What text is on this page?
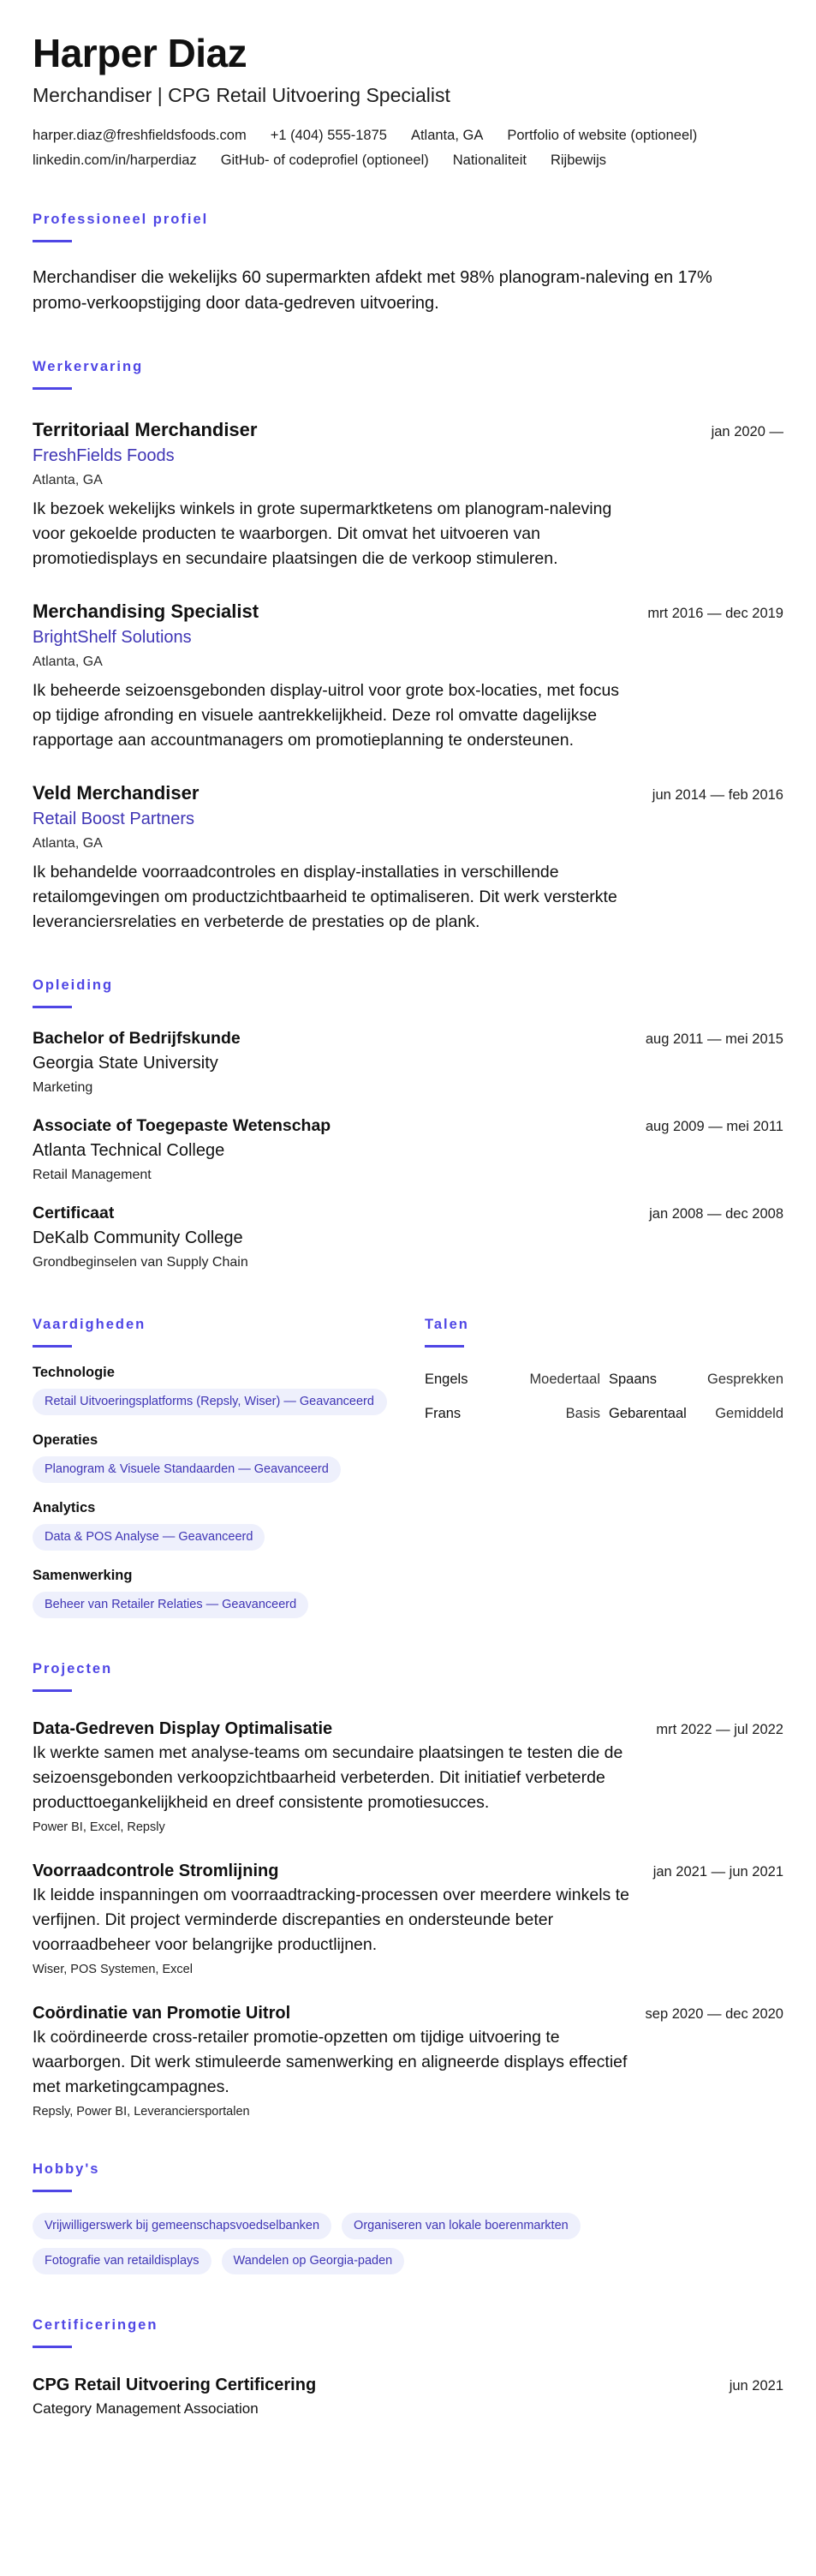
Harper Diaz
Merchandiser | CPG Retail Uitvoering Specialist
harper.diaz@freshfieldsfoods.com +1 (404) 555-1875 Atlanta, GA Portfolio of website (optioneel)
linkedin.com/in/harperdiaz GitHub- of codeprofiel (optioneel) Nationaliteit Rijbewijs
Professioneel profiel
Merchandiser die wekelijks 60 supermarkten afdekt met 98% planogram-naleving en 17% promo-verkoopstijging door data-gedreven uitvoering.
Werkervaring
Territoriaal Merchandiser	jan 2020 —
FreshFields Foods
Atlanta, GA
Ik bezoek wekelijks winkels in grote supermarktketens om planogram-naleving voor gekoelde producten te waarborgen. Dit omvat het uitvoeren van promotiedisplays en secundaire plaatsingen die de verkoop stimuleren.
Merchandising Specialist	mrt 2016 — dec 2019
BrightShelf Solutions
Atlanta, GA
Ik beheerde seizoensgebonden display-uitrol voor grote box-locaties, met focus op tijdige afronding en visuele aantrekkelijkheid. Deze rol omvatte dagelijkse rapportage aan accountmanagers om promotieplanning te ondersteunen.
Veld Merchandiser	jun 2014 — feb 2016
Retail Boost Partners
Atlanta, GA
Ik behandelde voorraadcontroles en display-installaties in verschillende retailomgevingen om productzichtbaarheid te optimaliseren. Dit werk versterkte leveranciersrelaties en verbeterde de prestaties op de plank.
Opleiding
Bachelor of Bedrijfskunde	aug 2011 — mei 2015
Georgia State University
Marketing
Associate of Toegepaste Wetenschap	aug 2009 — mei 2011
Atlanta Technical College
Retail Management
Certificaat	jan 2008 — dec 2008
DeKalb Community College
Grondbeginselen van Supply Chain
Vaardigheden
Technologie
Retail Uitvoeringsplatforms (Repsly, Wiser) — Geavanceerd
Operaties
Planogram & Visuele Standaarden — Geavanceerd
Analytics
Data & POS Analyse — Geavanceerd
Samenwerking
Beheer van Retailer Relaties — Geavanceerd
Talen
Engels	Moedertaal Spaans	Gesprekken
Frans	Basis Gebarentaal Gemiddeld
Projecten
Data-Gedreven Display Optimalisatie	mrt 2022 — jul 2022
Ik werkte samen met analyse-teams om secundaire plaatsingen te testen die de seizoensgebonden verkoopzichtbaarheid verbeterden. Dit initiatief verbeterde producttoegankelijkheid en dreef consistente promotiesucces.
Power BI, Excel, Repsly
Voorraadcontrole Stromlijning	jan 2021 — jun 2021
Ik leidde inspanningen om voorraadtracking-processen over meerdere winkels te verfijnen. Dit project verminderde discrepanties en ondersteunde beter voorraadbeheer voor belangrijke productlijnen.
Wiser, POS Systemen, Excel
Coördinatie van Promotie Uitrol	sep 2020 — dec 2020
Ik coördineerde cross-retailer promotie-opzetten om tijdige uitvoering te waarborgen. Dit werk stimuleerde samenwerking en aligneerde displays effectief met marketingcampagnes.
Repsly, Power BI, Leveranciersportalen
Hobby's
Vrijwilligerswerk bij gemeenschapsvoedselbanken	Organiseren van lokale boerenmarkten
Fotografie van retaildisplays	Wandelen op Georgia-paden
Certificeringen
CPG Retail Uitvoering Certificering	jun 2021
Category Management Association
